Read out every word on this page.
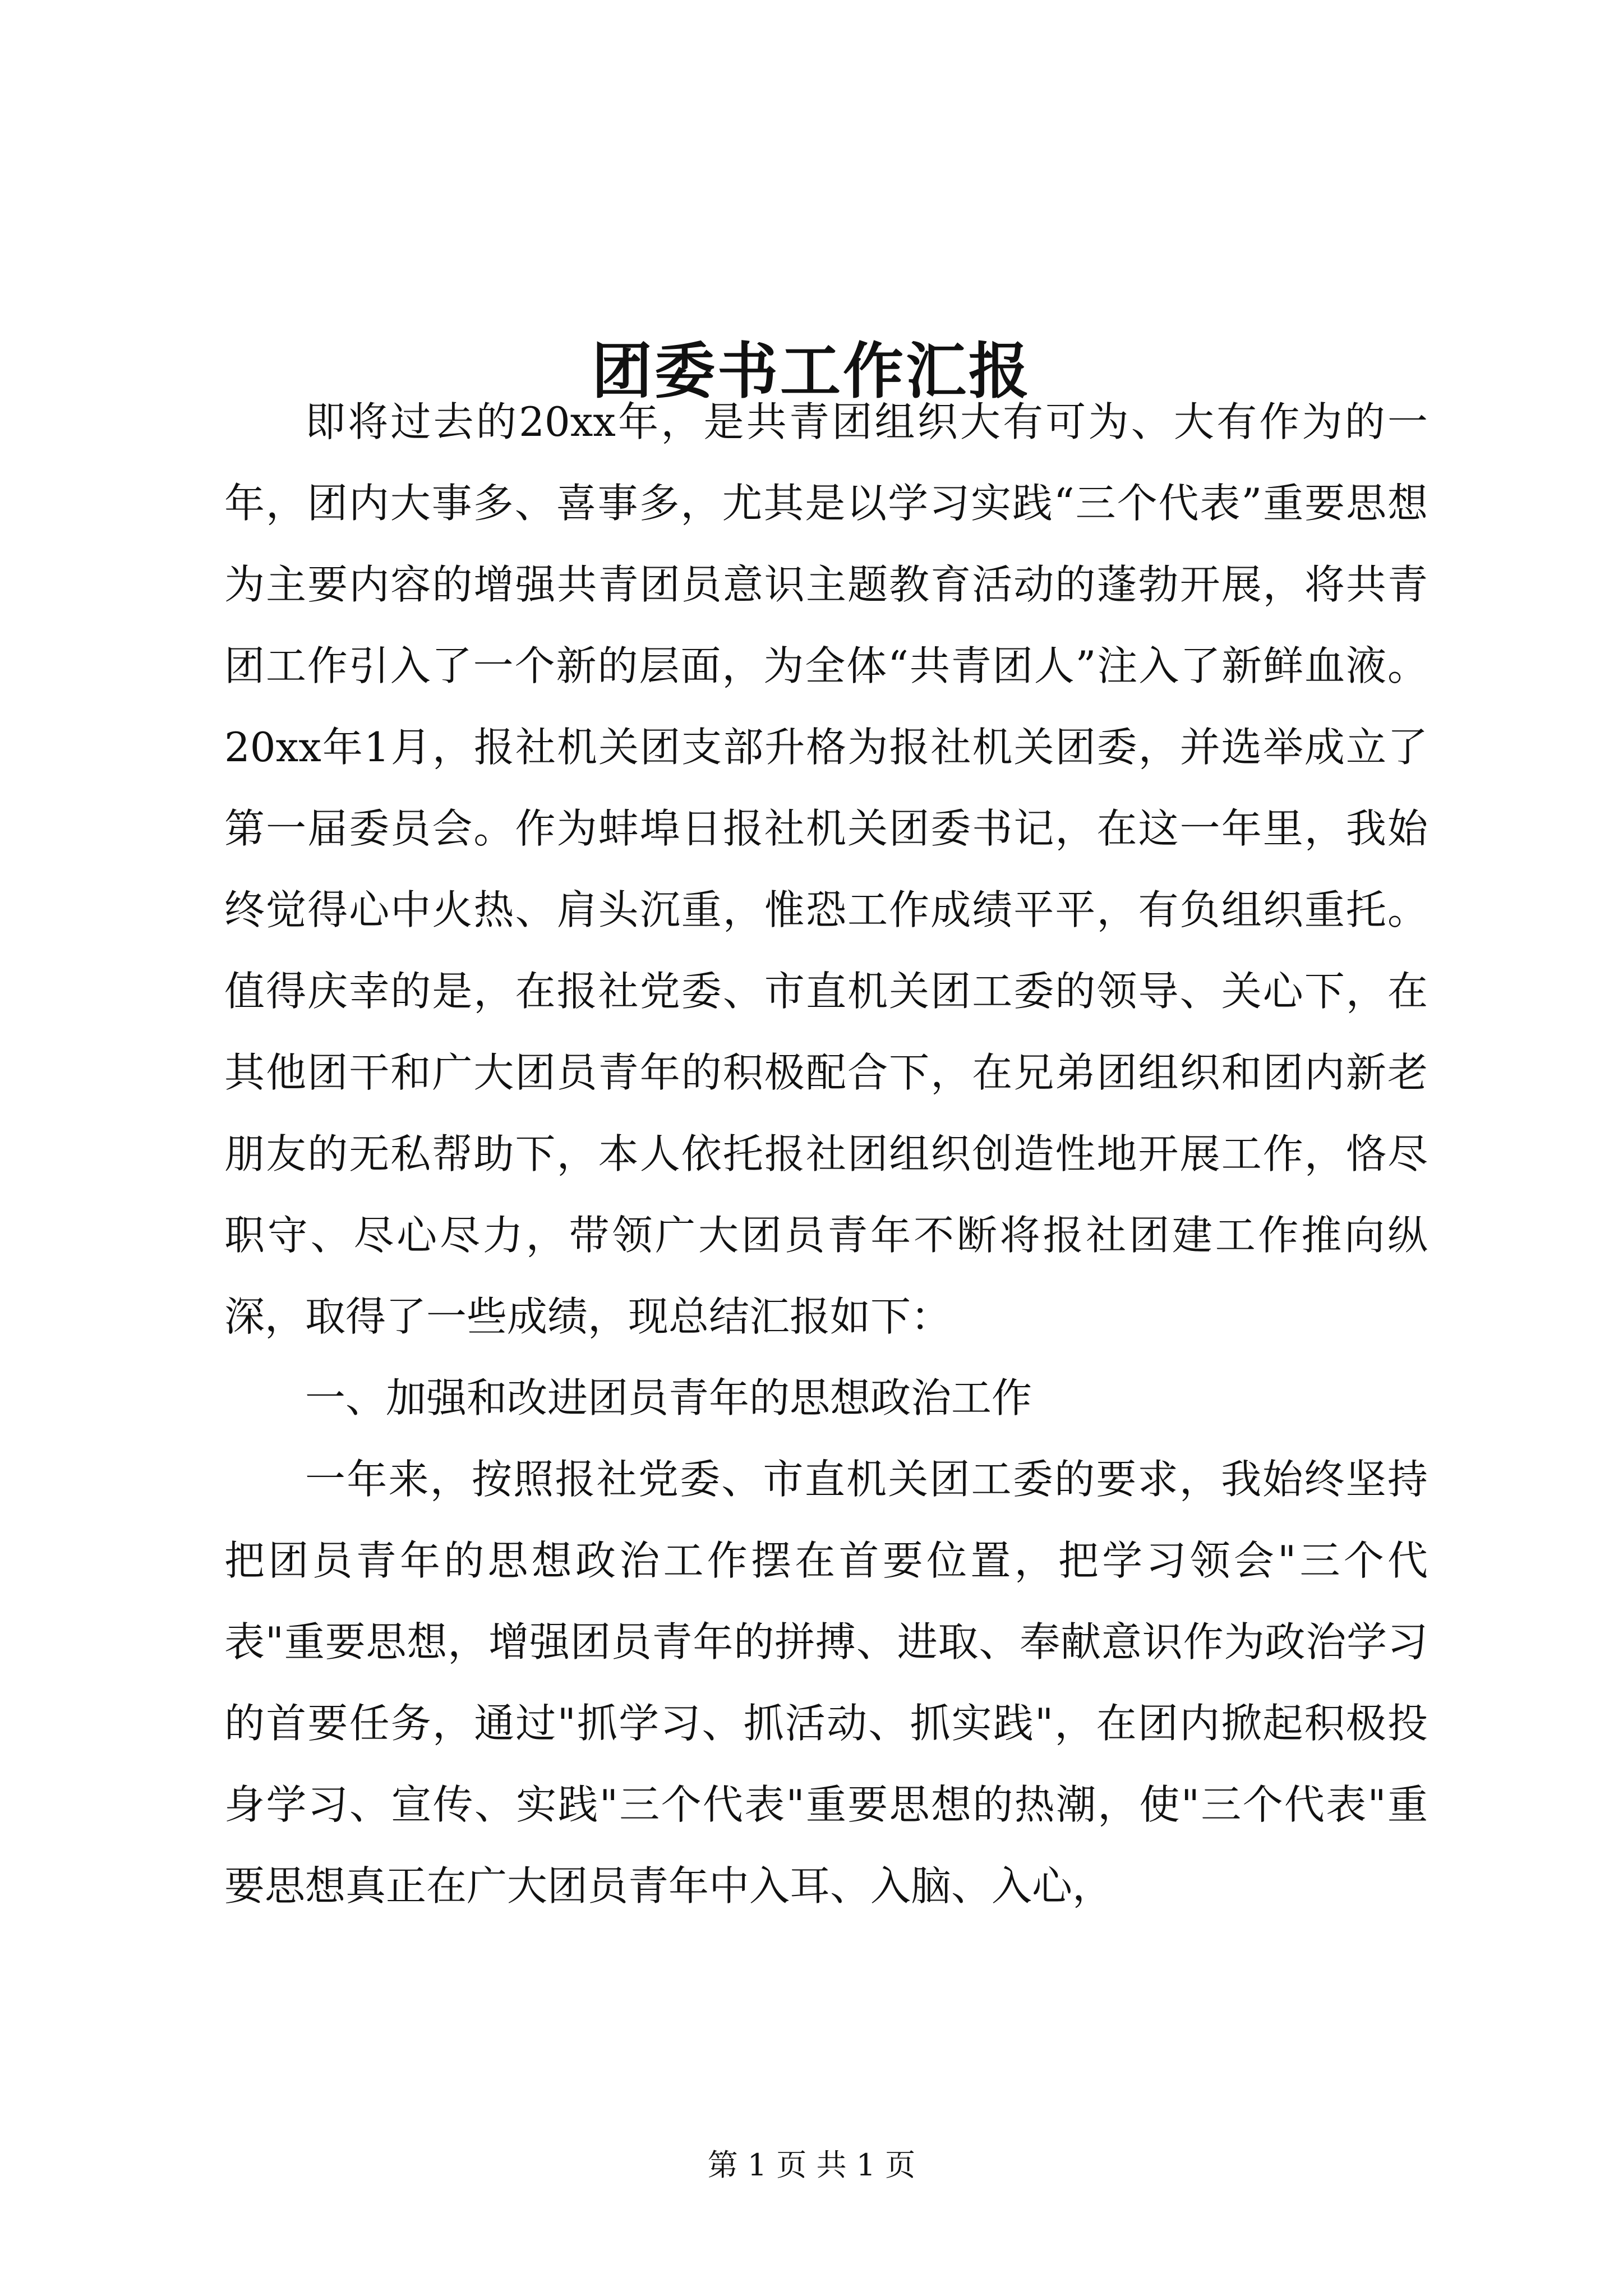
团委书工作汇报

即将过去的20xx年，是共青团组织大有可为、大有作为的一年，团内大事多、喜事多，尤其是以学习实践“三个代表”重要思想为主要内容的增强共青团员意识主题教育活动的蓬勃开展，将共青团工作引入了一个新的层面，为全体“共青团人”注入了新鲜血液。20xx年1月，报社机关团支部升格为报社机关团委，并选举成立了第一届委员会。作为蚌埠日报社机关团委书记，在这一年里，我始终觉得心中火热、肩头沉重，惟恐工作成绩平平，有负组织重托。值得庆幸的是，在报社党委、市直机关团工委的领导、关心下，在其他团干和广大团员青年的积极配合下，在兄弟团组织和团内新老朋友的无私帮助下，本人依托报社团组织创造性地开展工作，恪尽职守、尽心尽力，带领广大团员青年不断将报社团建工作推向纵深，取得了一些成绩，现总结汇报如下：

一、加强和改进团员青年的思想政治工作

一年来，按照报社党委、市直机关团工委的要求，我始终坚持把团员青年的思想政治工作摆在首要位置，把学习领会"三个代表"重要思想，增强团员青年的拼搏、进取、奉献意识作为政治学习的首要任务，通过"抓学习、抓活动、抓实践"，在团内掀起积极投身学习、宣传、实践"三个代表"重要思想的热潮，使"三个代表"重要思想真正在广大团员青年中入耳、入脑、入心，

第 1 页 共 1 页
